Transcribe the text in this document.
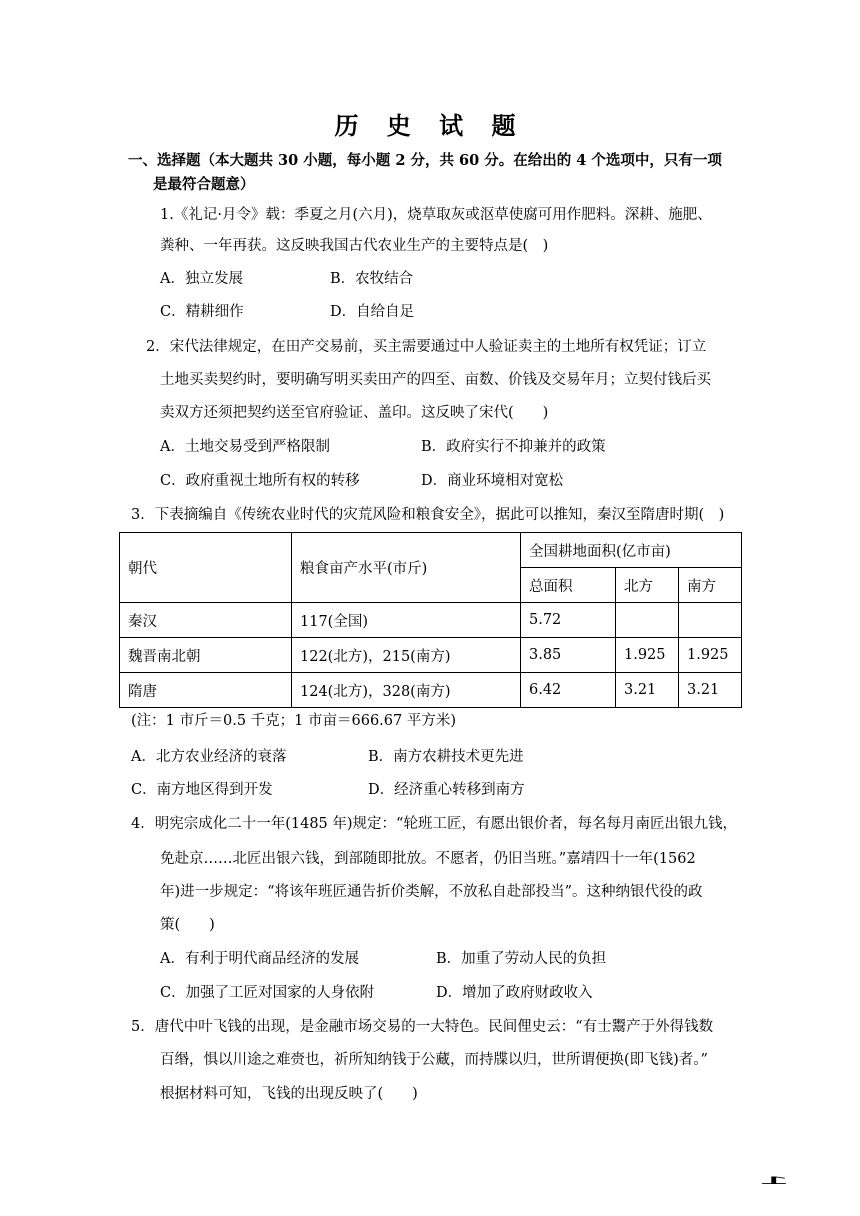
历 史 试 题
一、选择题（本大题共 30 小题，每小题 2 分，共 60 分。在给出的 4 个选项中，只有一项
是最符合题意）
1.《礼记·月令》载：季夏之月(六月)，烧草取灰或沤草使腐可用作肥料。深耕、施肥、
粪种、一年再获。这反映我国古代农业生产的主要特点是(　)
A．独立发展	B．农牧结合
C．精耕细作	D．自给自足
2．宋代法律规定，在田产交易前，买主需要通过中人验证卖主的土地所有权凭证；订立
土地买卖契约时，要明确写明买卖田产的四至、亩数、价钱及交易年月；立契付钱后买
卖双方还须把契约送至官府验证、盖印。这反映了宋代(　　)
A．土地交易受到严格限制	B．政府实行不抑兼并的政策
C．政府重视土地所有权的转移	D．商业环境相对宽松
3．下表摘编自《传统农业时代的灾荒风险和粮食安全》，据此可以推知，秦汉至隋唐时期(　)
朝代	粮食亩产水平(市斤)	全国耕地面积(亿市亩)		
		总面积	北方	南方
秦汉	117(全国)	5.72		
魏晋南北朝	122(北方)，215(南方)	3.85	1.925	1.925
隋唐	124(北方)，328(南方)	6.42	3.21	3.21
(注：1 市斤＝0.5 千克；1 市亩＝666.67 平方米)
A．北方农业经济的衰落	B．南方农耕技术更先进
C．南方地区得到开发	D．经济重心转移到南方
4．明宪宗成化二十一年(1485 年)规定：“轮班工匠，有愿出银价者，每名每月南匠出银九钱，
免赴京……北匠出银六钱，到部随即批放。不愿者，仍旧当班。”嘉靖四十一年(1562
年)进一步规定：“将该年班匠通告折价类解，不放私自赴部投当”。这种纳银代役的政
策(　　)
A．有利于明代商品经济的发展	B．加重了劳动人民的负担
C．加强了工匠对国家的人身依附	D．增加了政府财政收入
5．唐代中叶飞钱的出现，是金融市场交易的一大特色。民间俚史云：“有士鬻产于外得钱数
百缗，惧以川途之难赍也，祈所知纳钱于公藏，而持牒以归，世所谓便换(即飞钱)者。”
根据材料可知，飞钱的出现反映了(　　)
1
